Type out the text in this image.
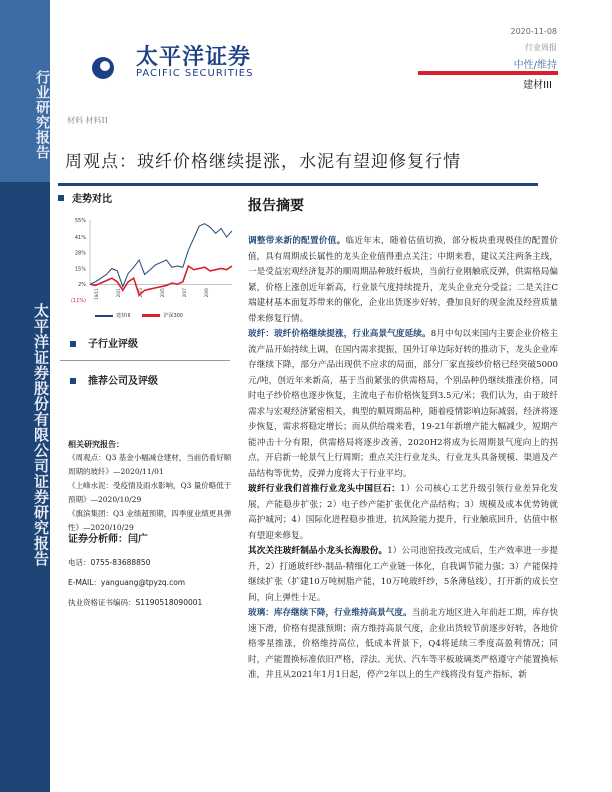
行业研究报告
太平洋证券股份有限公司证券研究报告
太平洋证券
PACIFIC SECURITIES
材料 材料II
2020-11-08
行业周报
中性/维持
建材III
周观点：玻纤价格继续提涨，水泥有望迎修复行情
走势对比
(11%)
2%
15%
28%
41%
55%
19/11	20/1	20/3	20/5	20/7	20/9
建材III	沪深300
子行业评级
推荐公司及评级
相关研究报告：
《周观点：Q3 基金小幅减仓建材，当前仍看好顺周期的玻纤》—2020/11/01
《上峰水泥：受疫情及雨水影响，Q3 量价略低于预期》—2020/10/29
《旗滨集团：Q3 业绩超预期，四季度业绩更具弹性》—2020/10/29
证券分析师：闫广
电话：0755-83688850
E-MAIL：yanguang@tpyzq.com
执业资格证书编码：S1190518090001
报告摘要

调整带来新的配置价值。临近年末，随着估值切换，部分板块重现极佳的配置价值，具有周期成长属性的龙头企业值得重点关注；中期来看，建议关注两条主线，一是受益宏观经济复苏的顺周期品种玻纤板块，当前行业刚触底反弹，供需格局偏紧，价格上涨创近年新高，行业景气度持续提升，龙头企业充分受益；二是关注C端建材基本面复苏带来的催化，企业出货逐步好转，叠加良好的现金流及经营质量带来修复行情。

玻纤：玻纤价格继续提涨，行业高景气度延续。8月中旬以来国内主要企业价格主流产品开始持续上调，在国内需求提振，国外订单边际好转的推动下，龙头企业库存继续下降，部分产品出现供不应求的局面，部分厂家直接纱价格已经突破5000元/吨，创近年来新高，基于当前紧张的供需格局，个别品种仍继续推涨价格，同时电子纱价格也逐步恢复，主流电子布价格恢复到3.5元/米；我们认为，由于玻纤需求与宏观经济紧密相关，典型的顺周期品种，随着疫情影响边际减弱，经济将逐步恢复，需求将稳定增长；而从供给端来看，19-21年新增产能大幅减少，短期产能冲击十分有限，供需格局将逐步改善，2020H2将成为长周期景气度向上的拐点，开启新一轮景气上行周期；重点关注行业龙头，行业龙头具备规模、渠道及产品结构等优势，反弹力度将大于行业平均。

玻纤行业我们首推行业龙头中国巨石：1）公司核心工艺升级引领行业差异化发展，产能稳步扩张；2）电子纱产能扩张优化产品结构；3）规模及成本优势铸就高护城河；4）国际化进程稳步推进，抗风险能力提升，行业触底回升，估值中枢有望迎来修复。

其次关注玻纤制品小龙头长海股份。1）公司池窑技改完成后，生产效率进一步提升，2）打通玻纤纱-制品-精细化工产业链一体化，自我调节能力强；3）产能保持继续扩张（扩建10万吨树脂产能，10万吨玻纤纱，5条薄毡线），打开新的成长空间，向上弹性十足。

玻璃：库存继续下降，行业维持高景气度。当前北方地区进入年前赶工期，库存快速下滑，价格有提涨预期；南方维持高景气度，企业出货较节前逐步好转，各地价格零星推涨，价格维持高位，低成本背景下，Q4将延续三季度高盈利情况；同时，产能置换标准依旧严格，浮法、光伏、汽车等平板玻璃类严格遵守产能置换标准，并且从2021年1月1日起，停产2年以上的生产线将没有复产指标，新
